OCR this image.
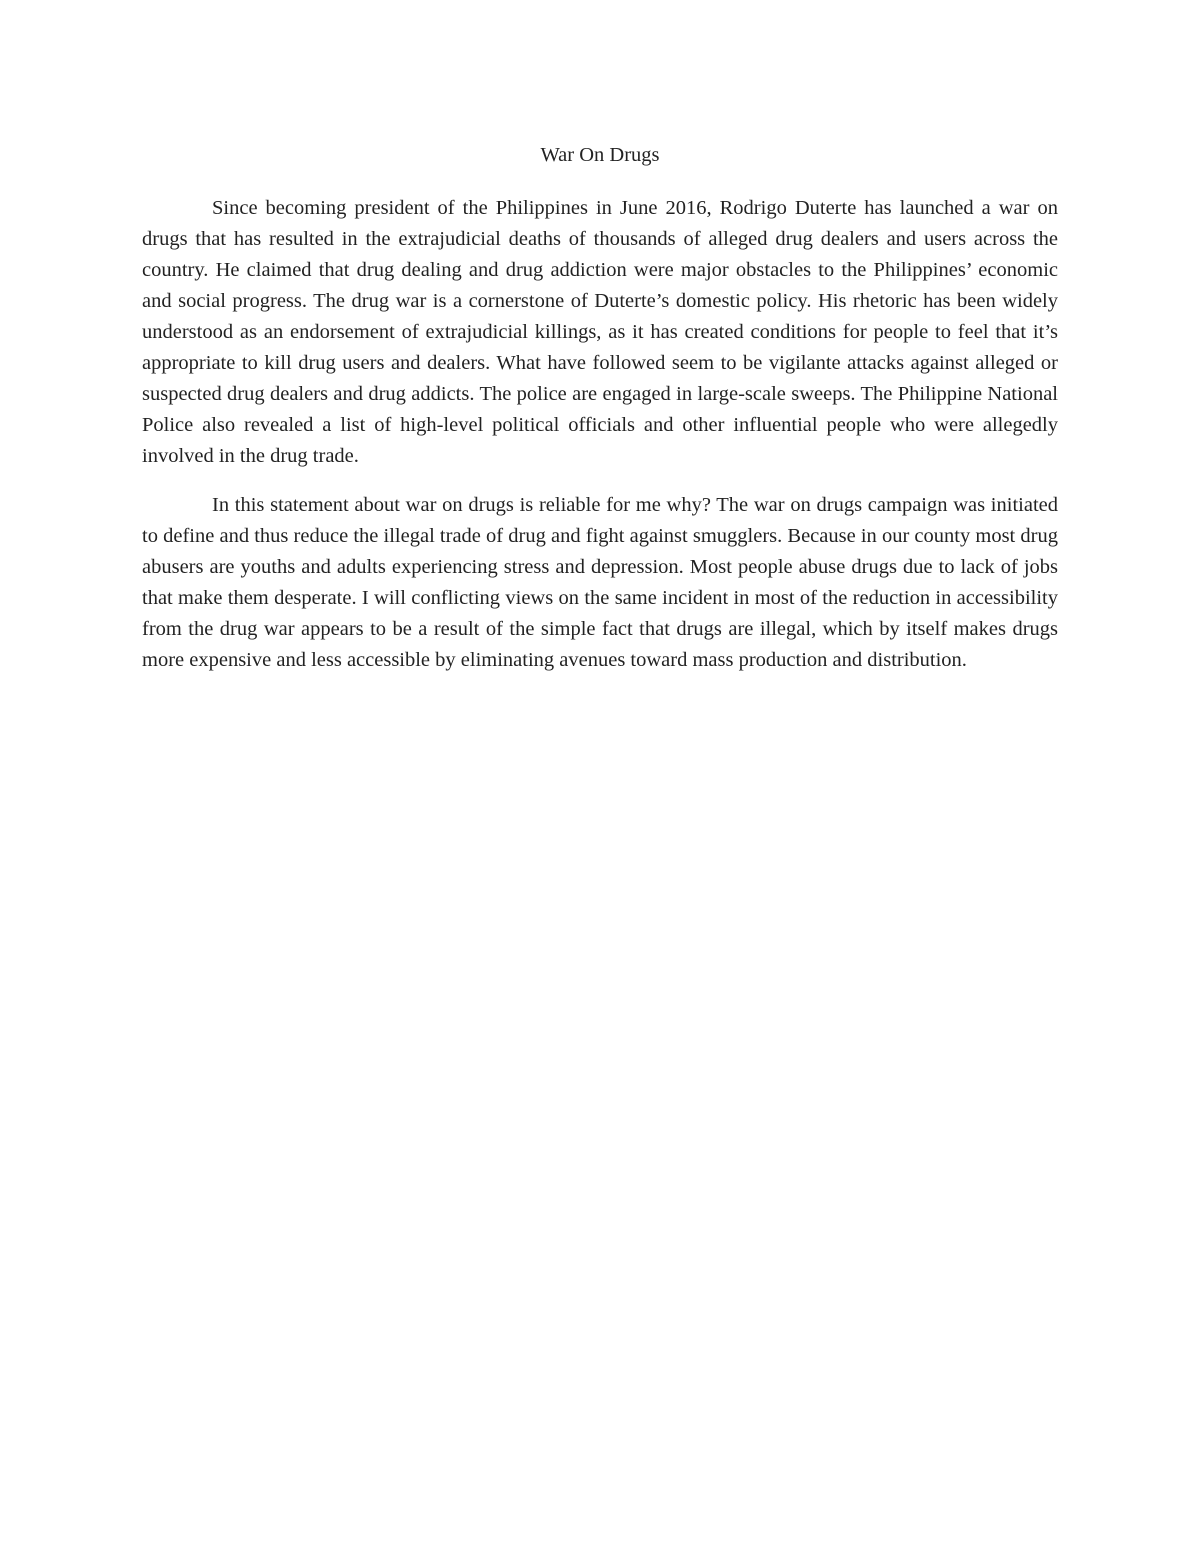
War On Drugs

Since becoming president of the Philippines in June 2016, Rodrigo Duterte has launched a war on drugs that has resulted in the extrajudicial deaths of thousands of alleged drug dealers and users across the country. He claimed that drug dealing and drug addiction were major obstacles to the Philippines’ economic and social progress. The drug war is a cornerstone of Duterte’s domestic policy. His rhetoric has been widely understood as an endorsement of extrajudicial killings, as it has created conditions for people to feel that it’s appropriate to kill drug users and dealers. What have followed seem to be vigilante attacks against alleged or suspected drug dealers and drug addicts. The police are engaged in large-scale sweeps. The Philippine National Police also revealed a list of high-level political officials and other influential people who were allegedly involved in the drug trade.

In this statement about war on drugs is reliable for me why? The war on drugs campaign was initiated to define and thus reduce the illegal trade of drug and fight against smugglers. Because in our county most drug abusers are youths and adults experiencing stress and depression. Most people abuse drugs due to lack of jobs that make them desperate. I will conflicting views on the same incident in most of the reduction in accessibility from the drug war appears to be a result of the simple fact that drugs are illegal, which by itself makes drugs more expensive and less accessible by eliminating avenues toward mass production and distribution.
